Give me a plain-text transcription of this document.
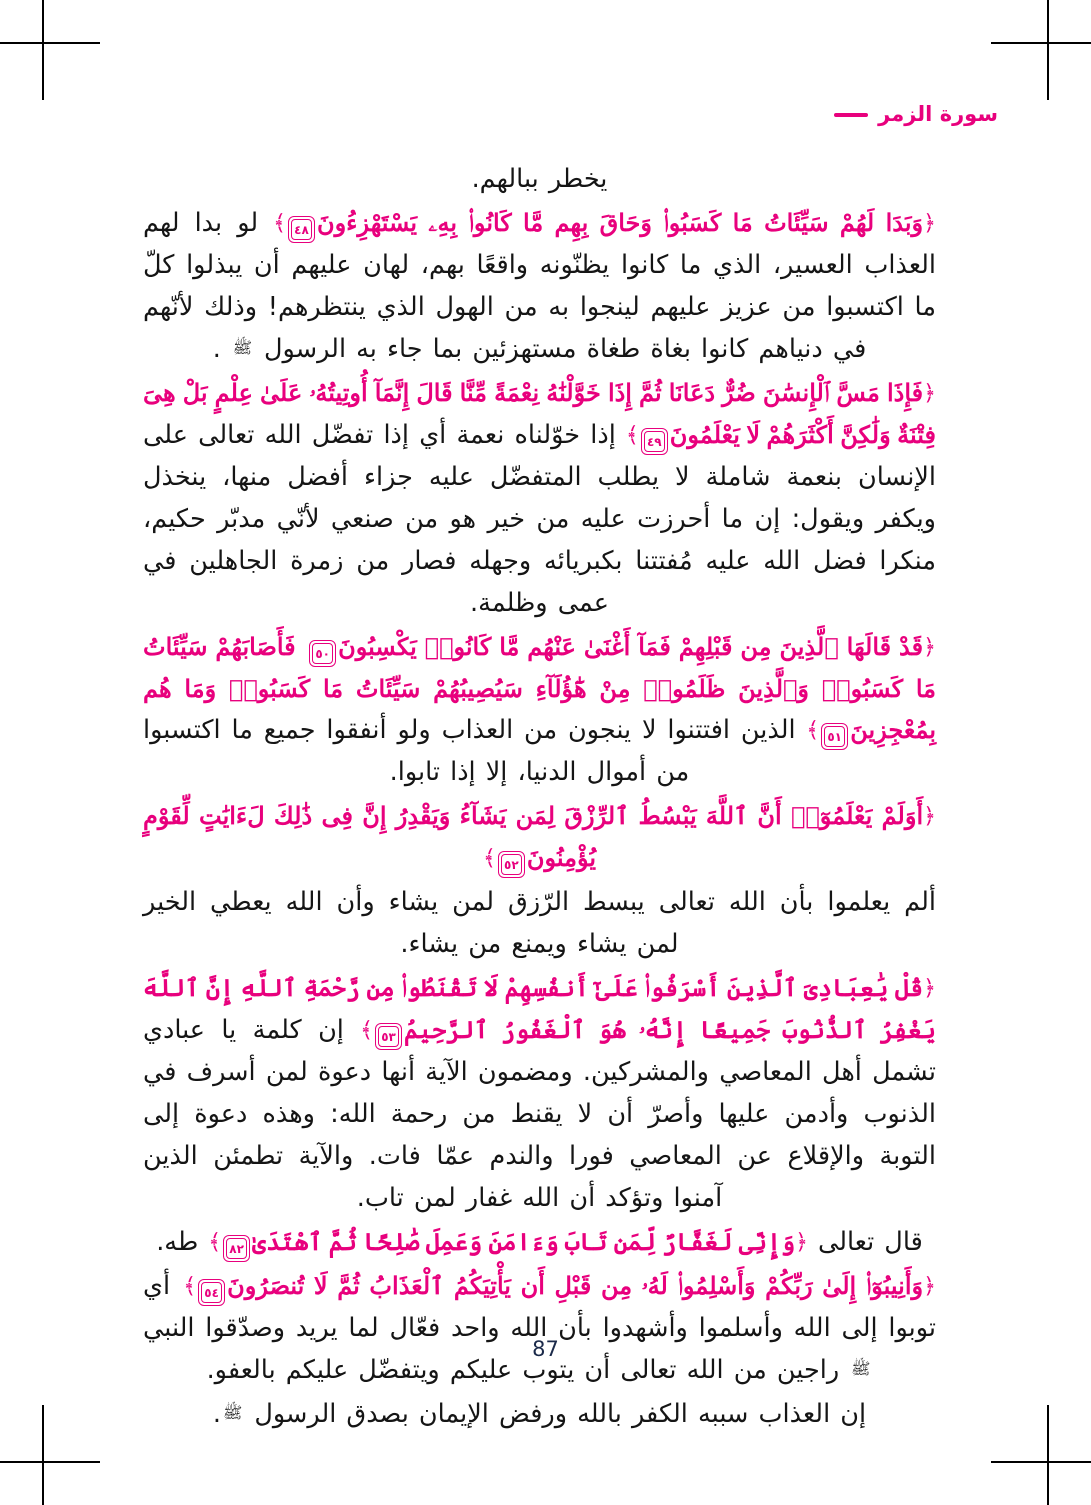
سورة الزمر

يخطر ببالهم.

﴿وَبَدَا لَهُمْ سَيِّئَاتُ مَا كَسَبُوا۟ وَحَاقَ بِهِم مَّا كَانُوا۟ بِهِۦ يَسْتَهْزِءُونَ٤٨﴾ لو بدا لهم العذاب العسير، الذي ما كانوا يظنّونه واقعًا بهم، لهان عليهم أن يبذلوا كلّ ما اكتسبوا من عزيز عليهم لينجوا به من الهول الذي ينتظرهم! وذلك لأنّهم في دنياهم كانوا بغاة طغاة مستهزئين بما جاء به الرسول ﷺ .

﴿فَإِذَا مَسَّ ٱلْإِنسَٰنَ ضُرٌّ دَعَانَا ثُمَّ إِذَا خَوَّلْنَٰهُ نِعْمَةً مِّنَّا قَالَ إِنَّمَآ أُوتِيتُهُۥ عَلَىٰ عِلْمٍ بَلْ هِىَ فِتْنَةٌ وَلَٰكِنَّ أَكْثَرَهُمْ لَا يَعْلَمُونَ٤٩﴾ إذا خوّلناه نعمة أي إذا تفضّل الله تعالى على الإنسان بنعمة شاملة لا يطلب المتفضّل عليه جزاء أفضل منها، ينخذل ويكفر ويقول: إن ما أحرزت عليه من خير هو من صنعي لأنّي مدبّر حكيم، منكرا فضل الله عليه مُفتتنا بكبريائه وجهله فصار من زمرة الجاهلين في عمى وظلمة.

﴿قَدْ قَالَهَا ٱلَّذِينَ مِن قَبْلِهِمْ فَمَآ أَغْنَىٰ عَنْهُم مَّا كَانُوا۟ يَكْسِبُونَ٥٠ فَأَصَابَهُمْ سَيِّئَاتُ مَا كَسَبُوا۟ وَٱلَّذِينَ ظَلَمُوا۟ مِنْ هَٰٓؤُلَآءِ سَيُصِيبُهُمْ سَيِّئَاتُ مَا كَسَبُوا۟ وَمَا هُم بِمُعْجِزِينَ٥١﴾ الذين افتتنوا لا ينجون من العذاب ولو أنفقوا جميع ما اكتسبوا من أموال الدنيا، إلا إذا تابوا.

﴿أَوَلَمْ يَعْلَمُوٓا۟ أَنَّ ٱللَّهَ يَبْسُطُ ٱلرِّزْقَ لِمَن يَشَآءُ وَيَقْدِرُ إِنَّ فِى ذَٰلِكَ لَءَايَٰتٍ لِّقَوْمٍ يُؤْمِنُونَ٥٢﴾

ألم يعلموا بأن الله تعالى يبسط الرّزق لمن يشاء وأن الله يعطي الخير لمن يشاء ويمنع من يشاء.

﴿قُلْ يَٰعِبَادِىَ ٱلَّذِينَ أَسْرَفُوا۟ عَلَىٰٓ أَنفُسِهِمْ لَا تَقْنَطُوا۟ مِن رَّحْمَةِ ٱللَّهِ إِنَّ ٱللَّهَ يَغْفِرُ ٱلذُّنُوبَ جَمِيعًا إِنَّهُۥ هُوَ ٱلْغَفُورُ ٱلرَّحِيمُ٥٣﴾ إن كلمة يا عبادي تشمل أهل المعاصي والمشركين. ومضمون الآية أنها دعوة لمن أسرف في الذنوب وأدمن عليها وأصرّ أن لا يقنط من رحمة الله: وهذه دعوة إلى التوبة والإقلاع عن المعاصي فورا والندم عمّا فات. والآية تطمئن الذين آمنوا وتؤكد أن الله غفار لمن تاب.

قال تعالى ﴿وَإِنِّى لَغَفَّارٌ لِّمَن تَابَ وَءَامَنَ وَعَمِلَ صَٰلِحًا ثُمَّ ٱهْتَدَىٰ٨٢﴾ طه.

﴿وَأَنِيبُوٓا۟ إِلَىٰ رَبِّكُمْ وَأَسْلِمُوا۟ لَهُۥ مِن قَبْلِ أَن يَأْتِيَكُمُ ٱلْعَذَابُ ثُمَّ لَا تُنصَرُونَ٥٤﴾ أي توبوا إلى الله وأسلموا وأشهدوا بأن الله واحد فعّال لما يريد وصدّقوا النبي ﷺ راجين من الله تعالى أن يتوب عليكم ويتفضّل عليكم بالعفو.

إن العذاب سببه الكفر بالله ورفض الإيمان بصدق الرسول ﷺ.

87
